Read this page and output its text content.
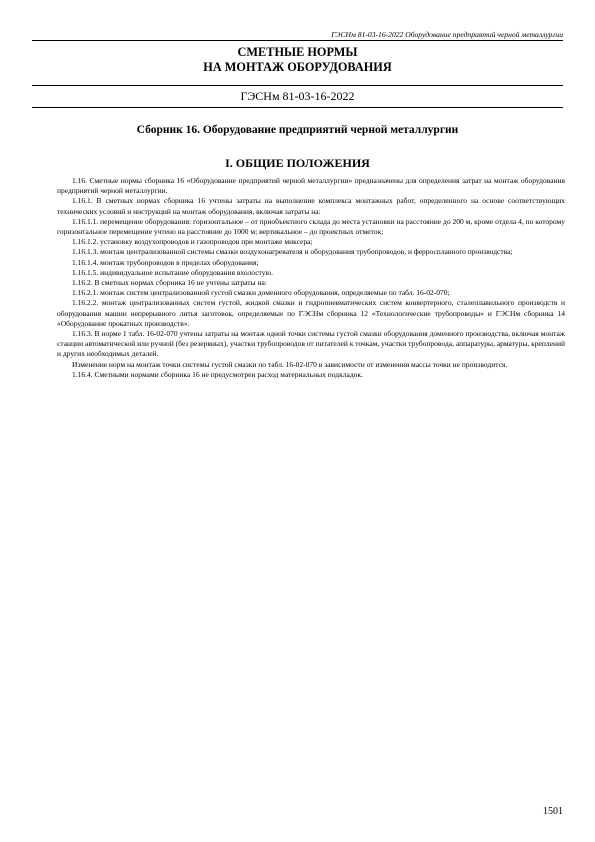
ГЭСНм 81-03-16-2022 Оборудование предприятий черной металлургии
СМЕТНЫЕ НОРМЫ
НА МОНТАЖ ОБОРУДОВАНИЯ
ГЭСНм 81-03-16-2022
Сборник 16. Оборудование предприятий черной металлургии
I. ОБЩИЕ ПОЛОЖЕНИЯ

1.16. Сметные нормы сборника 16 «Оборудование предприятий черной металлургии» предназначены для определения затрат на монтаж оборудования предприятий черной металлургии.

1.16.1. В сметных нормах сборника 16 учтены затраты на выполнение комплекса монтажных работ, определенного на основе соответствующих технических условий и инструкций на монтаж оборудования, включая затраты на:

1.16.1.1. перемещение оборудования: горизонтальное – от приобъектного склада до места установки на расстояние до 200 м, кроме отдела 4, по которому горизонтальное перемещение учтено на расстояние до 1000 м; вертикальное – до проектных отметок;

1.16.1.2. установку воздухопроводов и газопроводов при монтаже миксера;

1.16.1.3. монтаж централизованной системы смазки воздухонагревателя и оборудования трубопроводов, и ферросплавного производства;

1.16.1.4. монтаж трубопроводов в пределах оборудования;

1.16.1.5. индивидуальное испытание оборудования вхолостую.

1.16.2. В сметных нормах сборника 16 не учтены затраты на:

1.16.2.1. монтаж систем централизованной густой смазки доменного оборудования, определяемые по табл. 16-02-070;

1.16.2.2. монтаж централизованных систем густой, жидкой смазки и гидропневматических систем конвертерного, сталеплавильного производств и оборудования машин непрерывного литья заготовок, определяемые по ГЭСНм сборника 12 «Технологические трубопроводы» и ГЭСНм сборника 14 «Оборудование прокатных производств».

1.16.3. В норме 1 табл. 16-02-070 учтены затраты на монтаж одной точки системы густой смазки оборудования доменного производства, включая монтаж станции автоматической или ручной (без резервных), участки трубопроводов от питателей к точкам, участки трубопровода, аппаратуры, арматуры, креплений и других необходимых деталей.

Изменение норм на монтаж точки системы густой смазки по табл. 16-02-070 в зависимости от изменения массы точки не производится.

1.16.4. Сметными нормами сборника 16 не предусмотрен расход материальных подкладок.

1501
